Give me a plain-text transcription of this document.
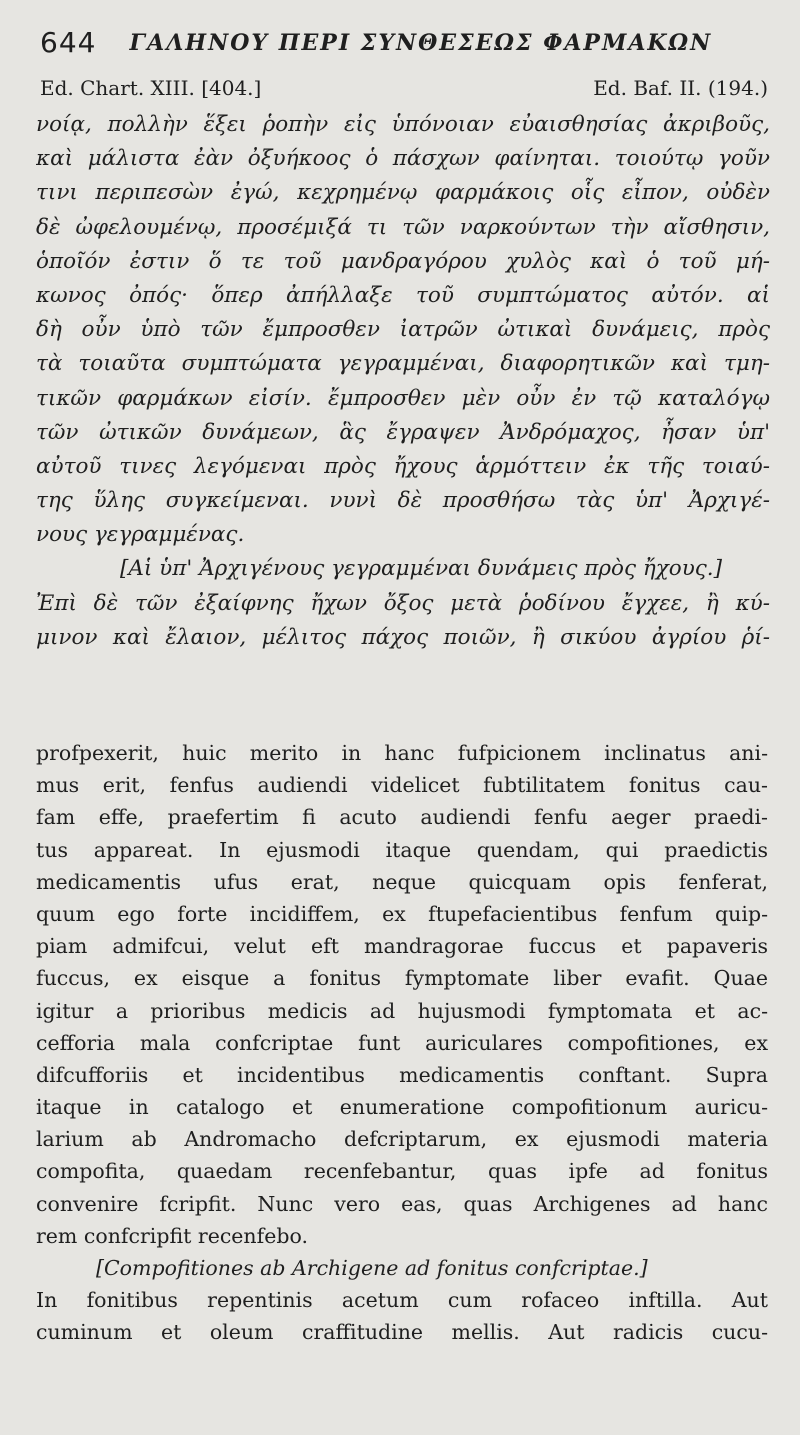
644 ΓΑΛΗΝΟΥ ΠΕΡΙ ΣΥΝΘΕΣΕΩΣ ΦΑΡΜΑΚΩΝ
Ed. Chart. XIII. [404.]	Ed. Baf. II. (194.)
νοίᾳ, πολλὴν ἕξει ῥοπὴν εἰς ὑπόνοιαν εὐαισθησίας ἀκριβοῦς,
καὶ μάλιστα ἐὰν ὀξυήκοος ὁ πάσχων φαίνηται. τοιούτῳ γοῦν
τινι περιπεσὼν ἐγώ, κεχρημένῳ φαρμάκοις οἷς εἶπον, οὐδὲν
δὲ ὠφελουμένῳ, προσέμιξά τι τῶν ναρκούντων τὴν αἴσθησιν,
ὁποῖόν ἐστιν ὅ τε τοῦ μανδραγόρου χυλὸς καὶ ὁ τοῦ μή-
κωνος ὀπός· ὅπερ ἀπήλλαξε τοῦ συμπτώματος αὐτόν. αἱ
δὴ οὖν ὑπὸ τῶν ἔμπροσθεν ἰατρῶν ὠτικαὶ δυνάμεις, πρὸς
τὰ τοιαῦτα συμπτώματα γεγραμμέναι, διαφορητικῶν καὶ τμη-
τικῶν φαρμάκων εἰσίν. ἔμπροσθεν μὲν οὖν ἐν τῷ καταλόγῳ
τῶν ὠτικῶν δυνάμεων, ἃς ἔγραψεν Ἀνδρόμαχος, ἦσαν ὑπ'
αὐτοῦ τινες λεγόμεναι πρὸς ἤχους ἁρμόττειν ἐκ τῆς τοιαύ-
της ὕλης συγκείμεναι. νυνὶ δὲ προσθήσω τὰς ὑπ' Ἀρχιγέ-
νους γεγραμμένας.
[Αἱ ὑπ' Ἀρχιγένους γεγραμμέναι δυνάμεις πρὸς ἤχους.]
Ἐπὶ δὲ τῶν ἐξαίφνης ἤχων ὄξος μετὰ ῥοδίνου ἔγχεε, ἢ κύ-
μινον καὶ ἔλαιον, μέλιτος πάχος ποιῶν, ἢ σικύου ἀγρίου ῥί-
profpexerit, huic merito in hanc fufpicionem inclinatus ani-
mus erit, fenfus audiendi videlicet fubtilitatem fonitus cau-
fam effe, praefertim fi acuto audiendi fenfu aeger praedi-
tus appareat. In ejusmodi itaque quendam, qui praedictis
medicamentis ufus erat, neque quicquam opis fenferat,
quum ego forte incidiffem, ex ftupefacientibus fenfum quip-
piam admifcui, velut eft mandragorae fuccus et papaveris
fuccus, ex eisque a fonitus fymptomate liber evafit. Quae
igitur a prioribus medicis ad hujusmodi fymptomata et ac-
cefforia mala confcriptae funt auriculares compofitiones, ex
difcufforiis et incidentibus medicamentis conftant. Supra
itaque in catalogo et enumeratione compofitionum auricu-
larium ab Andromacho defcriptarum, ex ejusmodi materia
compofita, quaedam recenfebantur, quas ipfe ad fonitus
convenire fcripfit. Nunc vero eas, quas Archigenes ad hanc
rem confcripfit recenfebo.
[Compofitiones ab Archigene ad fonitus confcriptae.]
In fonitibus repentinis acetum cum rofaceo inftilla. Aut
cuminum et oleum craffitudine mellis. Aut radicis cucu-
